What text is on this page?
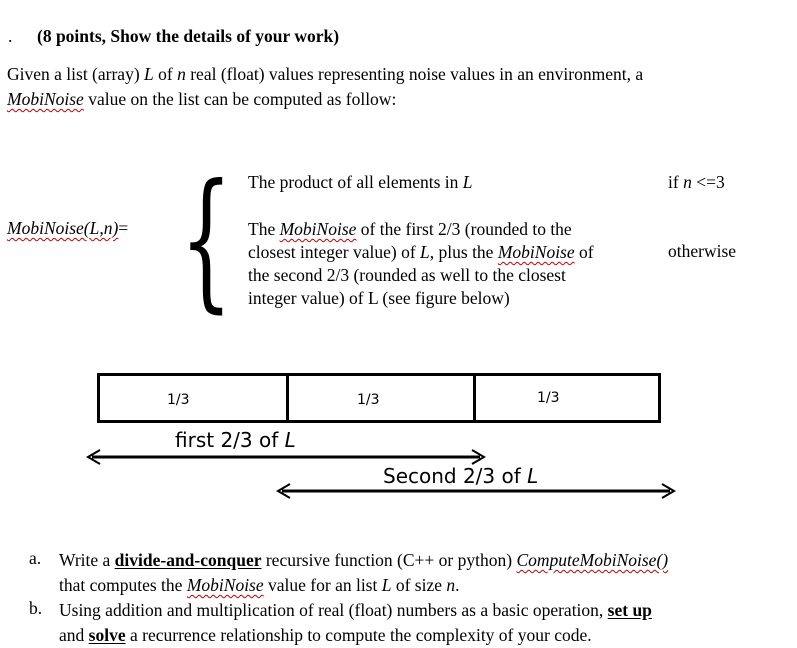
. (8 points, Show the details of your work)
Given a list (array) L of n real (float) values representing noise values in an environment, a
MobiNoise value on the list can be computed as follow:
MobiNoise(L,n)= { The product of all elements in L	if n <=3
The MobiNoise of the first 2/3 (rounded to the
closest integer value) of L, plus the MobiNoise of
the second 2/3 (rounded as well to the closest
integer value) of L (see figure below)
otherwise
1/3	1/3	1/3
first 2/3 of L
Second 2/3 of L
a. Write a divide-and-conquer recursive function (C++ or python) ComputeMobiNoise()
that computes the MobiNoise value for an list L of size n.
b. Using addition and multiplication of real (float) numbers as a basic operation, set up
and solve a recurrence relationship to compute the complexity of your code.
